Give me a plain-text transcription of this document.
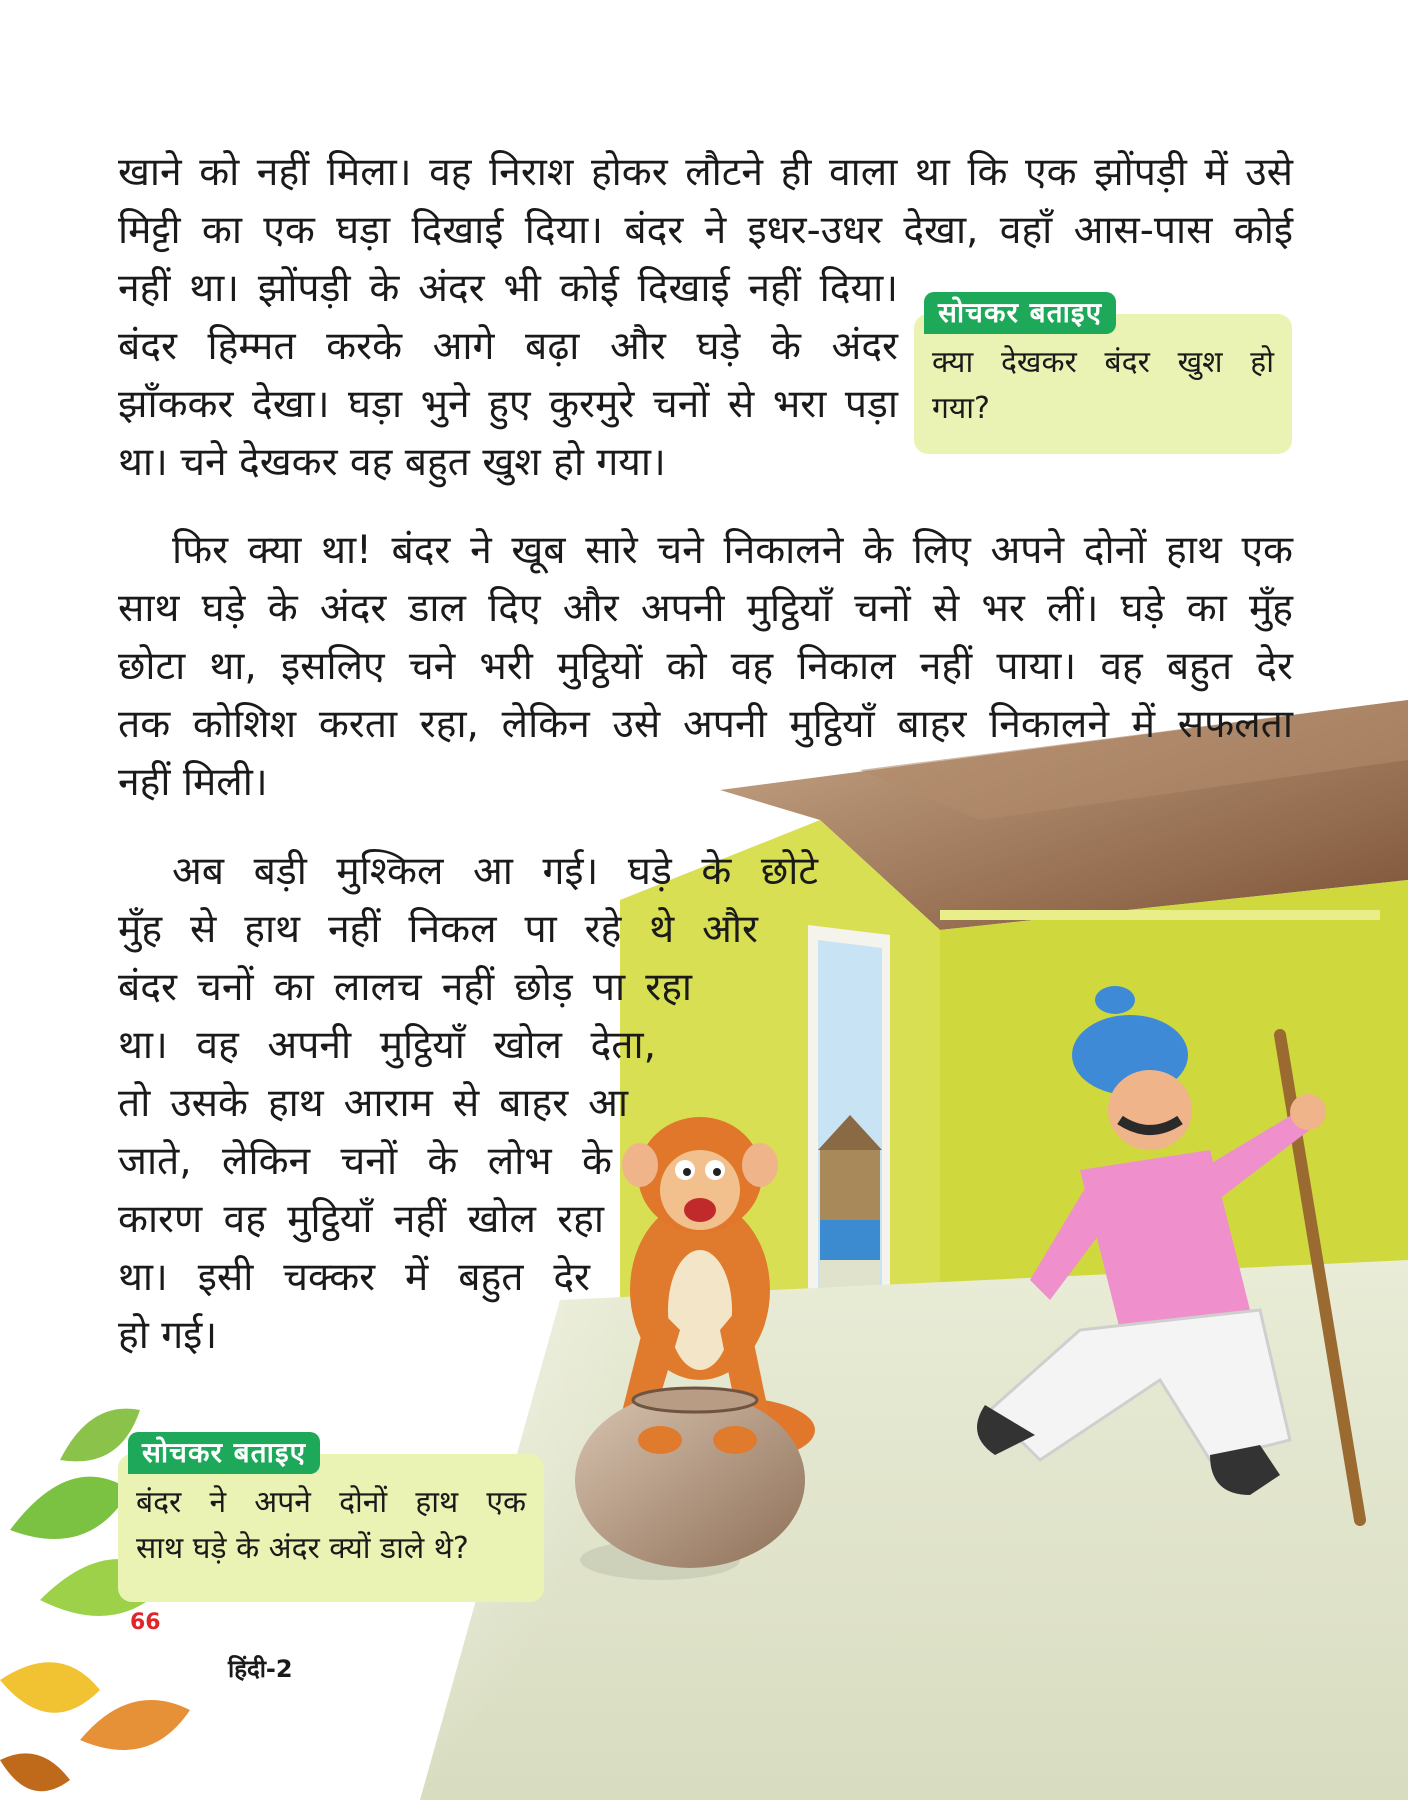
खाने को नहीं मिला। वह निराश होकर लौटने ही वाला था कि एक झोंपड़ी में उसे
मिट्टी का एक घड़ा दिखाई दिया। बंदर ने इधर-उधर देखा, वहाँ आस-पास कोई
नहीं था। झोंपड़ी के अंदर भी कोई दिखाई नहीं दिया।
बंदर हिम्मत करके आगे बढ़ा और घड़े के अंदर
झाँककर देखा। घड़ा भुने हुए कुरमुरे चनों से भरा पड़ा
था। चने देखकर वह बहुत खुश हो गया।
सोचकर बताइए
क्या देखकर बंदर खुश हो
गया?
फिर क्या था! बंदर ने खूब सारे चने निकालने के लिए अपने दोनों हाथ एक
साथ घड़े के अंदर डाल दिए और अपनी मुट्ठियाँ चनों से भर लीं। घड़े का मुँह
छोटा था, इसलिए चने भरी मुट्ठियों को वह निकाल नहीं पाया। वह बहुत देर
तक कोशिश करता रहा, लेकिन उसे अपनी मुट्ठियाँ बाहर निकालने में सफलता
नहीं मिली।
अब बड़ी मुश्किल आ गई। घड़े के छोटे
मुँह से हाथ नहीं निकल पा रहे थे और
बंदर चनों का लालच नहीं छोड़ पा रहा
था। वह अपनी मुट्ठियाँ खोल देता,
तो उसके हाथ आराम से बाहर आ
जाते, लेकिन चनों के लोभ के
कारण वह मुट्ठियाँ नहीं खोल रहा
था। इसी चक्कर में बहुत देर
हो गई।
सोचकर बताइए
बंदर ने अपने दोनों हाथ एक
साथ घड़े के अंदर क्यों डाले थे?
66
हिंदी-2
